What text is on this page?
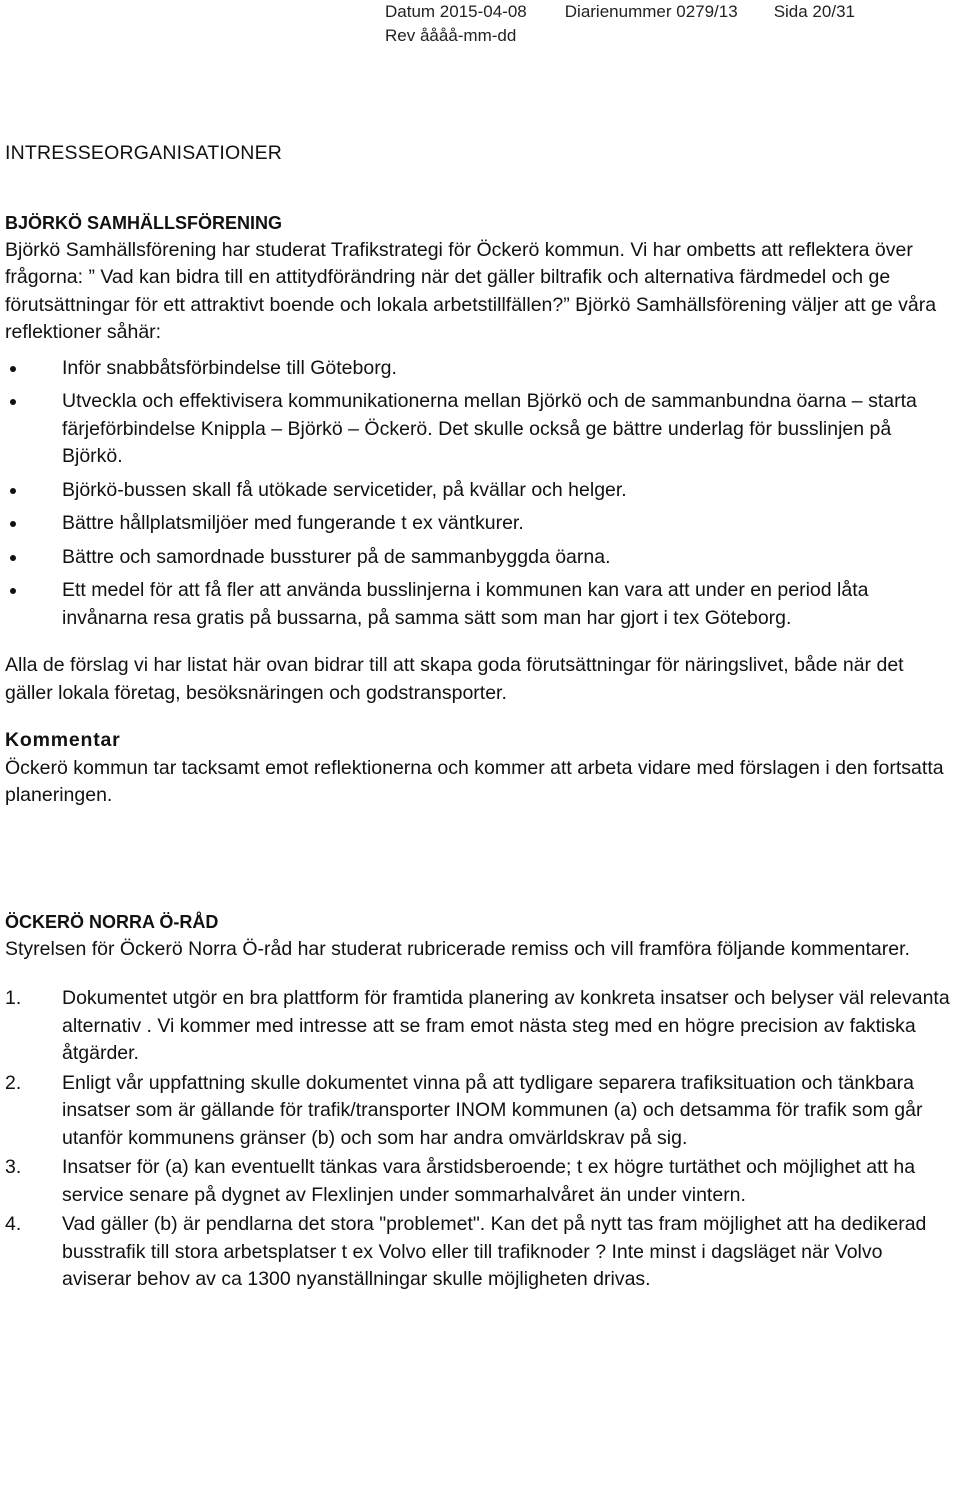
Datum 2015-04-08 Diarienummer 0279/13 Sida 20/31
Rev åååå-mm-dd
INTRESSEORGANISATIONER
BJÖRKÖ SAMHÄLLSFÖRENING

Björkö Samhällsförening har studerat Trafikstrategi för Öckerö kommun. Vi har ombetts att reflektera över frågorna: ” Vad kan bidra till en attitydförändring när det gäller biltrafik och alternativa färdmedel och ge förutsättningar för ett attraktivt boende och lokala arbetstillfällen?” Björkö Samhällsförening väljer att ge våra reflektioner såhär:

Inför snabbåtsförbindelse till Göteborg.
Utveckla och effektivisera kommunikationerna mellan Björkö och de sammanbundna öarna – starta färjeförbindelse Knippla – Björkö – Öckerö. Det skulle också ge bättre underlag för busslinjen på Björkö.
Björkö-bussen skall få utökade servicetider, på kvällar och helger.
Bättre hållplatsmiljöer med fungerande t ex väntkurer.
Bättre och samordnade bussturer på de sammanbyggda öarna.
Ett medel för att få fler att använda busslinjerna i kommunen kan vara att under en period låta invånarna resa gratis på bussarna, på samma sätt som man har gjort i tex Göteborg.

Alla de förslag vi har listat här ovan bidrar till att skapa goda förutsättningar för näringslivet, både när det gäller lokala företag, besöksnäringen och godstransporter.

Kommentar

Öckerö kommun tar tacksamt emot reflektionerna och kommer att arbeta vidare med förslagen i den fortsatta planeringen.

ÖCKERÖ NORRA Ö-RÅD

Styrelsen för Öckerö Norra Ö-råd har studerat rubricerade remiss och vill framföra följande kommentarer.

1. Dokumentet utgör en bra plattform för framtida planering av konkreta insatser och belyser väl relevanta alternativ . Vi kommer med intresse att se fram emot nästa steg med en högre precision av faktiska åtgärder.
2. Enligt vår uppfattning skulle dokumentet vinna på att tydligare separera trafiksituation och tänkbara insatser som är gällande för trafik/transporter INOM kommunen (a) och detsamma för trafik som går utanför kommunens gränser (b) och som har andra omvärldskrav på sig.
3. Insatser för (a) kan eventuellt tänkas vara årstidsberoende; t ex högre turtäthet och möjlighet att ha service senare på dygnet av Flexlinjen under sommarhalvåret än under vintern.
4. Vad gäller (b) är pendlarna det stora "problemet". Kan det på nytt tas fram möjlighet att ha dedikerad busstrafik till stora arbetsplatser t ex Volvo eller till trafiknoder ? Inte minst i dagsläget när Volvo aviserar behov av ca 1300 nyanställningar skulle möjligheten drivas.
